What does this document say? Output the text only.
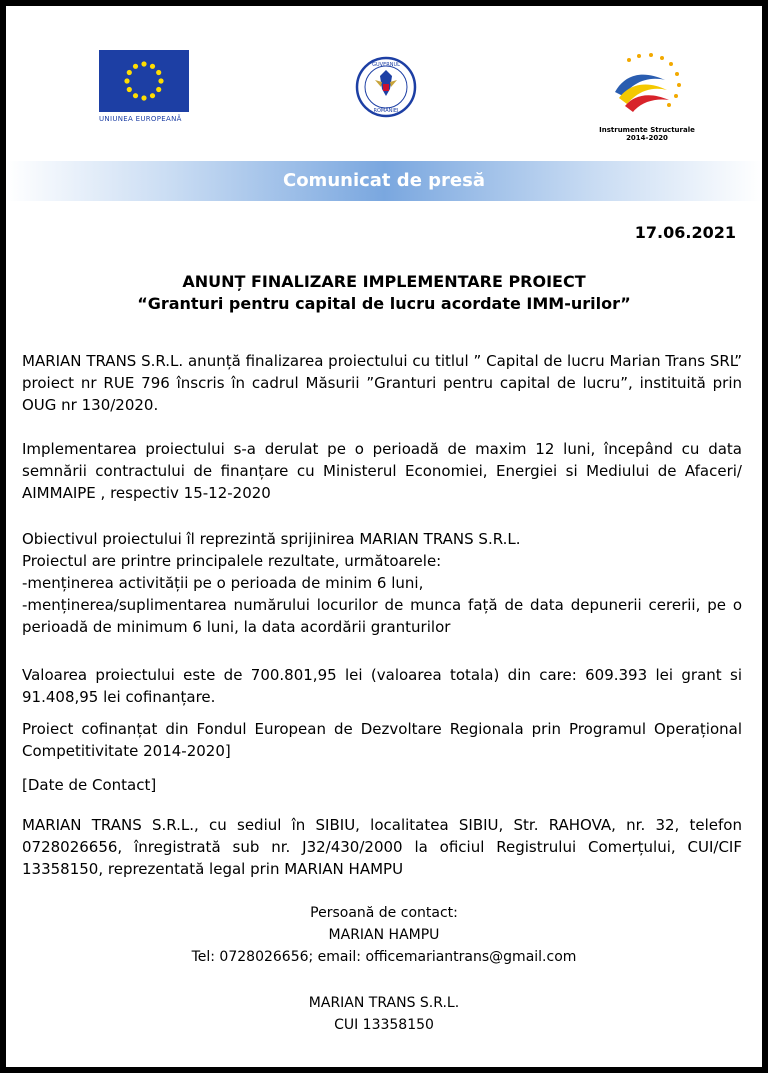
UNIUNEA EUROPEANĂ
GUVERNUL
ROMÂNIEI
Instrumente Structurale
2014-2020
Comunicat de presă
17.06.2021
ANUNȚ FINALIZARE IMPLEMENTARE PROIECT
“Granturi pentru capital de lucru acordate IMM-urilor”
MARIAN TRANS S.R.L. anunță finalizarea proiectului cu titlul ” Capital de lucru Marian Trans SRL” proiect nr RUE 796 înscris în cadrul Măsurii ”Granturi pentru capital de lucru”, instituită prin OUG nr 130/2020.
Implementarea proiectului s-a derulat pe o perioadă de maxim 12 luni, începând cu data semnării contractului de finanțare cu Ministerul Economiei, Energiei si Mediului de Afaceri/ AIMMAIPE , respectiv 15-12-2020
Obiectivul proiectului îl reprezintă sprijinirea MARIAN TRANS S.R.L.
Proiectul are printre principalele rezultate, următoarele:
-menținerea activității pe o perioada de minim 6 luni,
-menținerea/suplimentarea numărului locurilor de munca față de data depunerii cererii, pe o perioadă de minimum 6 luni, la data acordării granturilor
Valoarea proiectului este de 700.801,95 lei (valoarea totala) din care: 609.393 lei grant si 91.408,95 lei cofinanțare.
Proiect cofinanțat din Fondul European de Dezvoltare Regionala prin Programul Operațional Competitivitate 2014-2020]
[Date de Contact]
MARIAN TRANS S.R.L., cu sediul în SIBIU, localitatea SIBIU, Str. RAHOVA, nr. 32, telefon 0728026656, înregistrată sub nr. J32/430/2000 la oficiul Registrului Comerțului, CUI/CIF 13358150, reprezentată legal prin MARIAN HAMPU
Persoană de contact:
MARIAN HAMPU
Tel: 0728026656; email: officemariantrans@gmail.com
MARIAN TRANS S.R.L.
CUI 13358150
